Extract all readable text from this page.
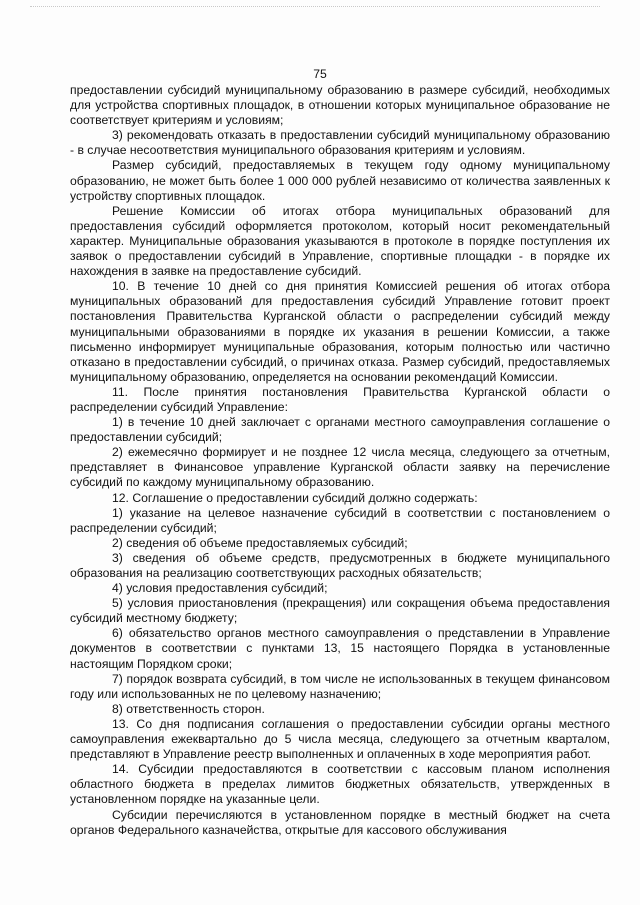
75

предоставлении субсидий муниципальному образованию в размере субсидий, необходимых для устройства спортивных площадок, в отношении которых муниципальное образование не соответствует критериям и условиям;

3) рекомендовать отказать в предоставлении субсидий муниципальному образованию - в случае несоответствия муниципального образования критериям и условиям.

Размер субсидий, предоставляемых в текущем году одному муниципальному образованию, не может быть более 1 000 000 рублей независимо от количества заявленных к устройству спортивных площадок.

Решение Комиссии об итогах отбора муниципальных образований для предоставления субсидий оформляется протоколом, который носит рекомендательный характер. Муниципальные образования указываются в протоколе в порядке поступления их заявок о предоставлении субсидий в Управление, спортивные площадки - в порядке их нахождения в заявке на предоставление субсидий.

10. В течение 10 дней со дня принятия Комиссией решения об итогах отбора муниципальных образований для предоставления субсидий Управление готовит проект постановления Правительства Курганской области о распределении субсидий между муниципальными образованиями в порядке их указания в решении Комиссии, а также письменно информирует муниципальные образования, которым полностью или частично отказано в предоставлении субсидий, о причинах отказа. Размер субсидий, предоставляемых муниципальному образованию, определяется на основании рекомендаций Комиссии.

11. После принятия постановления Правительства Курганской области о распределении субсидий Управление:

1) в течение 10 дней заключает с органами местного самоуправления соглашение о предоставлении субсидий;

2) ежемесячно формирует и не позднее 12 числа месяца, следующего за отчетным, представляет в Финансовое управление Курганской области заявку на перечисление субсидий по каждому муниципальному образованию.

12. Соглашение о предоставлении субсидий должно содержать:

1) указание на целевое назначение субсидий в соответствии с постановлением о распределении субсидий;

2) сведения об объеме предоставляемых субсидий;

3) сведения об объеме средств, предусмотренных в бюджете муниципального образования на реализацию соответствующих расходных обязательств;

4) условия предоставления субсидий;

5) условия приостановления (прекращения) или сокращения объема предоставления субсидий местному бюджету;

6) обязательство органов местного самоуправления о представлении в Управление документов в соответствии с пунктами 13, 15 настоящего Порядка в установленные настоящим Порядком сроки;

7) порядок возврата субсидий, в том числе не использованных в текущем финансовом году или использованных не по целевому назначению;

8) ответственность сторон.

13. Со дня подписания соглашения о предоставлении субсидии органы местного самоуправления ежеквартально до 5 числа месяца, следующего за отчетным кварталом, представляют в Управление реестр выполненных и оплаченных в ходе мероприятия работ.

14. Субсидии предоставляются в соответствии с кассовым планом исполнения областного бюджета в пределах лимитов бюджетных обязательств, утвержденных в установленном порядке на указанные цели.

Субсидии перечисляются в установленном порядке в местный бюджет на счета органов Федерального казначейства, открытые для кассового обслуживания
